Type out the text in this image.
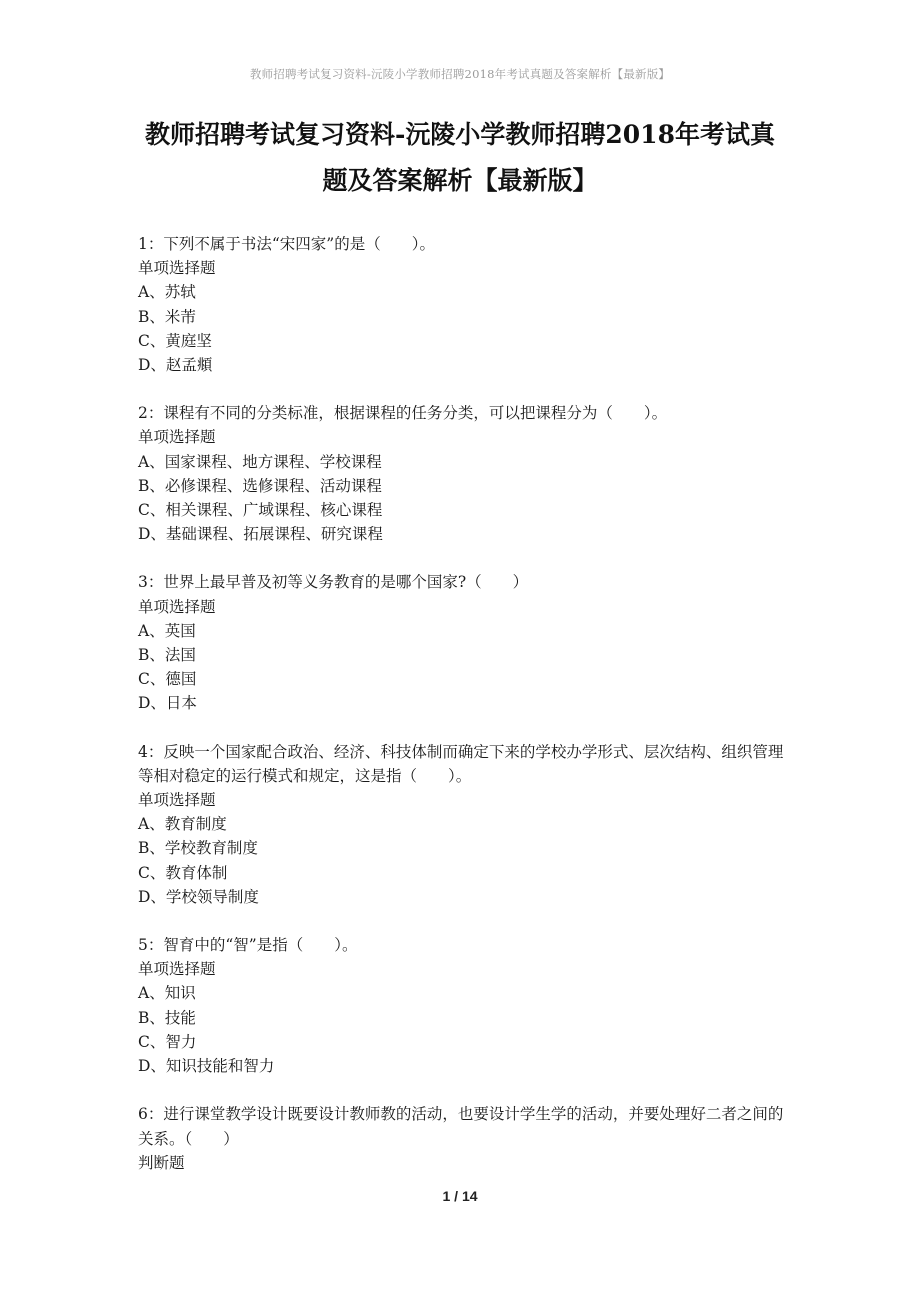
教师招聘考试复习资料-沅陵小学教师招聘2018年考试真题及答案解析【最新版】
教师招聘考试复习资料-沅陵小学教师招聘2018年考试真
题及答案解析【最新版】

1：下列不属于书法“宋四家”的是（　　）。

单项选择题

A、苏轼

B、米芾

C、黄庭坚

D、赵孟頫

2：课程有不同的分类标准，根据课程的任务分类，可以把课程分为（　　）。

单项选择题

A、国家课程、地方课程、学校课程

B、必修课程、选修课程、活动课程

C、相关课程、广域课程、核心课程

D、基础课程、拓展课程、研究课程

3：世界上最早普及初等义务教育的是哪个国家?（　　）

单项选择题

A、英国

B、法国

C、德国

D、日本

4：反映一个国家配合政治、经济、科技体制而确定下来的学校办学形式、层次结构、组织管理等相对稳定的运行模式和规定，这是指（　　）。

单项选择题

A、教育制度

B、学校教育制度

C、教育体制

D、学校领导制度

5：智育中的“智”是指（　　）。

单项选择题

A、知识

B、技能

C、智力

D、知识技能和智力

6：进行课堂教学设计既要设计教师教的活动，也要设计学生学的活动，并要处理好二者之间的关系。（　　）

判断题

1 / 14
